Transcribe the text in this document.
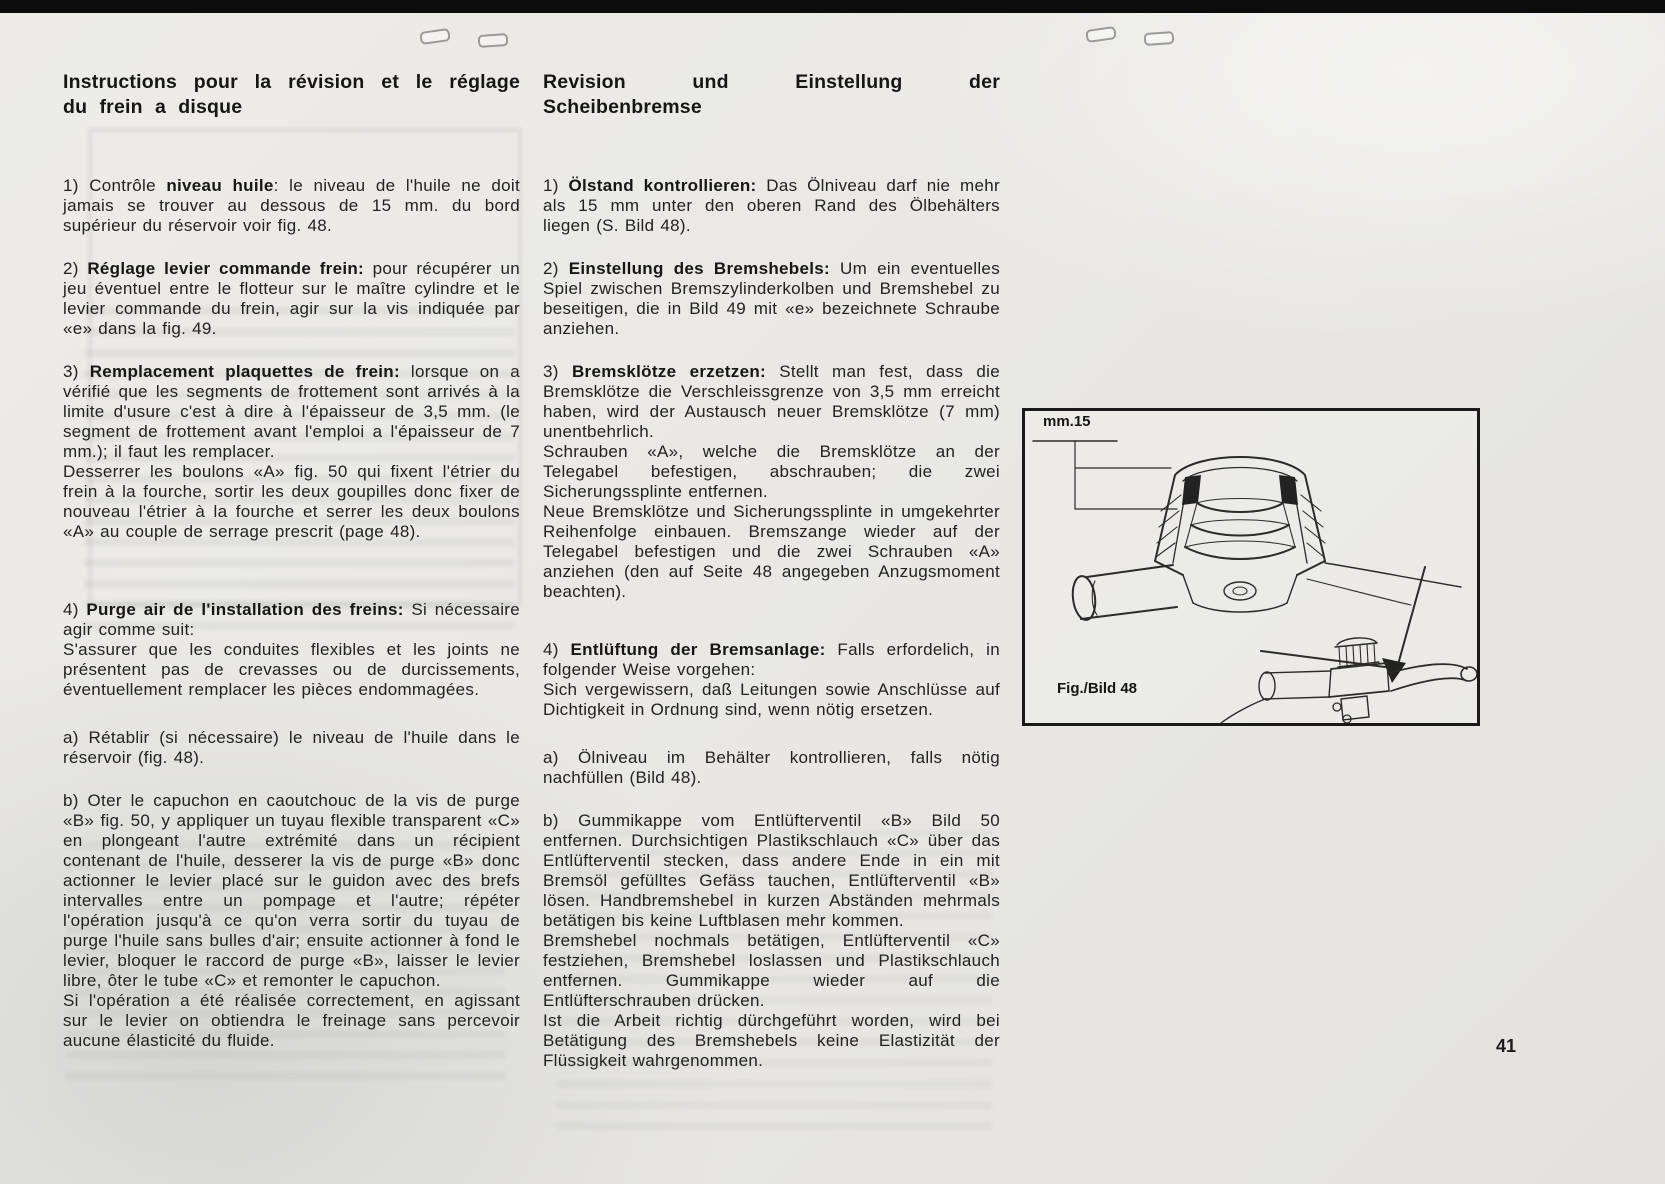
Instructions pour la révision et le réglage du frein a disque

1) Contrôle niveau huile: le niveau de l'huile ne doit jamais se trouver au dessous de 15 mm. du bord supérieur du réservoir voir fig. 48.

2) Réglage levier commande frein: pour récupérer un jeu éventuel entre le flotteur sur le maître cylindre et le levier commande du frein, agir sur la vis indiquée par «e» dans la fig. 49.

3) Remplacement plaquettes de frein: lorsque on a vérifié que les segments de frottement sont arrivés à la limite d'usure c'est à dire à l'épaisseur de 3,5 mm. (le segment de frottement avant l'emploi a l'épaisseur de 7 mm.); il faut les remplacer.

Desserrer les boulons «A» fig. 50 qui fixent l'étrier du frein à la fourche, sortir les deux goupilles donc fixer de nouveau l'étrier à la fourche et serrer les deux boulons «A» au couple de serrage prescrit (page 48).

4) Purge air de l'installation des freins: Si nécessaire agir comme suit:

S'assurer que les conduites flexibles et les joints ne présentent pas de crevasses ou de durcissements, éventuellement remplacer les pièces endommagées.

a) Rétablir (si nécessaire) le niveau de l'huile dans le réservoir (fig. 48).

b) Oter le capuchon en caoutchouc de la vis de purge «B» fig. 50, y appliquer un tuyau flexible transparent «C» en plongeant l'autre extrémité dans un récipient contenant de l'huile, desserer la vis de purge «B» donc actionner le levier placé sur le guidon avec des brefs intervalles entre un pompage et l'autre; répéter l'opération jusqu'à ce qu'on verra sortir du tuyau de purge l'huile sans bulles d'air; ensuite actionner à fond le levier, bloquer le raccord de purge «B», laisser le levier libre, ôter le tube «C» et remonter le capuchon.

Si l'opération a été réalisée correctement, en agissant sur le levier on obtiendra le freinage sans percevoir aucune élasticité du fluide.

Revision und Einstellung der Scheibenbremse

1) Ölstand kontrollieren: Das Ölniveau darf nie mehr als 15 mm unter den oberen Rand des Ölbehälters liegen (S. Bild 48).

2) Einstellung des Bremshebels: Um ein eventuelles Spiel zwischen Bremszylinderkolben und Bremshebel zu beseitigen, die in Bild 49 mit «e» bezeichnete Schraube anziehen.

3) Bremsklötze erzetzen: Stellt man fest, dass die Bremsklötze die Verschleissgrenze von 3,5 mm erreicht haben, wird der Austausch neuer Bremsklötze (7 mm) unentbehrlich.

Schrauben «A», welche die Bremsklötze an der Telegabel befestigen, abschrauben; die zwei Sicherungssplinte entfernen.

Neue Bremsklötze und Sicherungssplinte in umgekehrter Reihenfolge einbauen. Bremszange wieder auf der Telegabel befestigen und die zwei Schrauben «A» anziehen (den auf Seite 48 angegeben Anzugsmoment beachten).

4) Entlüftung der Bremsanlage: Falls erfordelich, in folgender Weise vorgehen:

Sich vergewissern, daß Leitungen sowie Anschlüsse auf Dichtigkeit in Ordnung sind, wenn nötig ersetzen.

a) Ölniveau im Behälter kontrollieren, falls nötig nachfüllen (Bild 48).

b) Gummikappe vom Entlüfterventil «B» Bild 50 entfernen. Durchsichtigen Plastikschlauch «C» über das Entlüfterventil stecken, dass andere Ende in ein mit Bremsöl gefülltes Gefäss tauchen, Entlüfterventil «B» lösen. Handbremshebel in kurzen Abständen mehrmals betätigen bis keine Luftblasen mehr kommen.

Bremshebel nochmals betätigen, Entlüfterventil «C» festziehen, Bremshebel loslassen und Plastikschlauch entfernen. Gummikappe wieder auf die Entlüfterschrauben drücken.

Ist die Arbeit richtig dürchgeführt worden, wird bei Betätigung des Bremshebels keine Elastizität der Flüssigkeit wahrgenommen.

mm.15
Fig./Bild 48
41
